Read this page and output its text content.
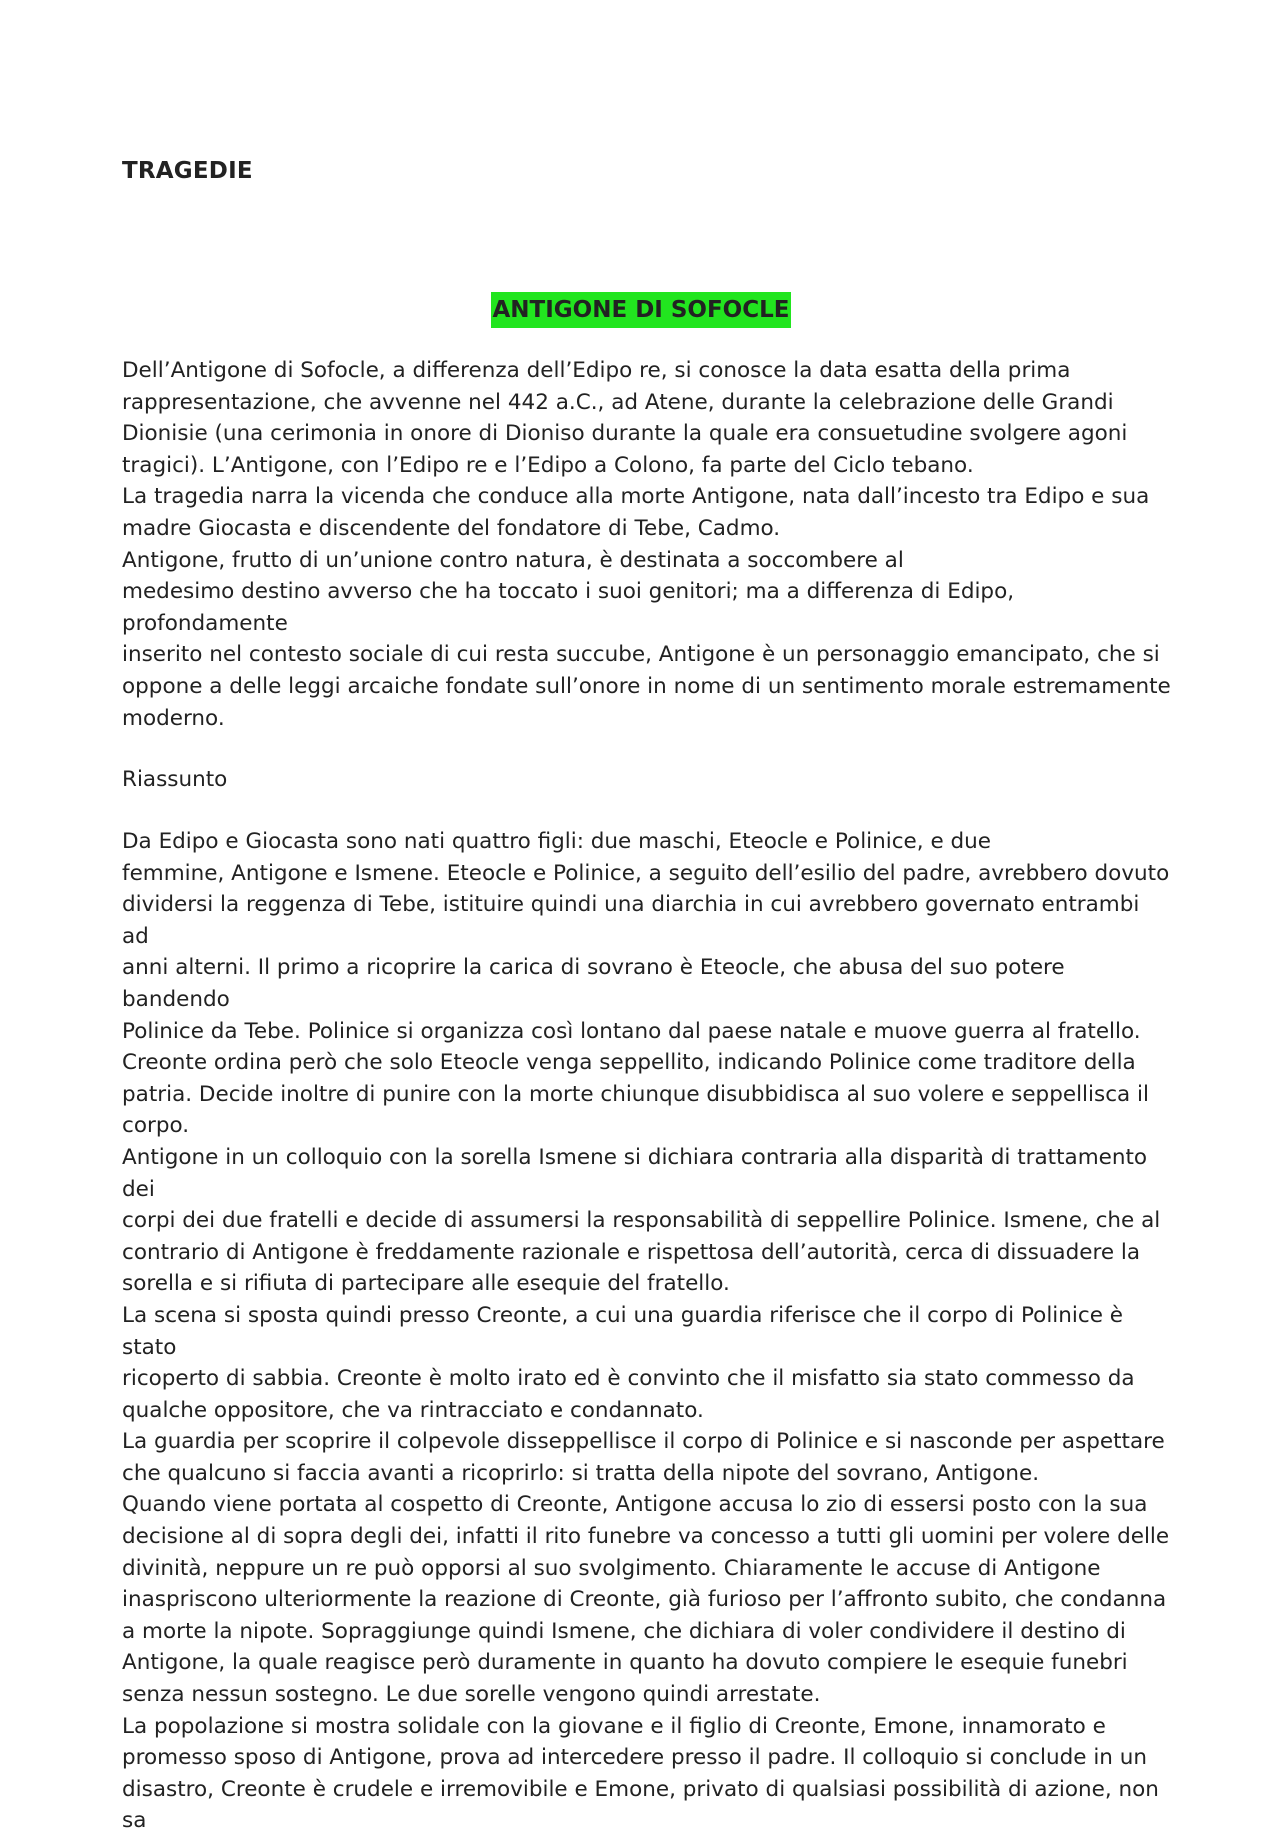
TRAGEDIE
ANTIGONE DI SOFOCLE

Dell’Antigone di Sofocle, a differenza dell’Edipo re, si conosce la data esatta della prima
rappresentazione, che avvenne nel 442 a.C., ad Atene, durante la celebrazione delle Grandi
Dionisie (una cerimonia in onore di Dioniso durante la quale era consuetudine svolgere agoni
tragici). L’Antigone, con l’Edipo re e l’Edipo a Colono, fa parte del Ciclo tebano.
La tragedia narra la vicenda che conduce alla morte Antigone, nata dall’incesto tra Edipo e sua
madre Giocasta e discendente del fondatore di Tebe, Cadmo.
Antigone, frutto di un’unione contro natura, è destinata a soccombere al
medesimo destino avverso che ha toccato i suoi genitori; ma a differenza di Edipo, profondamente
inserito nel contesto sociale di cui resta succube, Antigone è un personaggio emancipato, che si
oppone a delle leggi arcaiche fondate sull’onore in nome di un sentimento morale estremamente
moderno.

Riassunto

Da Edipo e Giocasta sono nati quattro figli: due maschi, Eteocle e Polinice, e due
femmine, Antigone e Ismene. Eteocle e Polinice, a seguito dell’esilio del padre, avrebbero dovuto
dividersi la reggenza di Tebe, istituire quindi una diarchia in cui avrebbero governato entrambi ad
anni alterni. Il primo a ricoprire la carica di sovrano è Eteocle, che abusa del suo potere bandendo
Polinice da Tebe. Polinice si organizza così lontano dal paese natale e muove guerra al fratello.
Creonte ordina però che solo Eteocle venga seppellito, indicando Polinice come traditore della
patria. Decide inoltre di punire con la morte chiunque disubbidisca al suo volere e seppellisca il
corpo.
Antigone in un colloquio con la sorella Ismene si dichiara contraria alla disparità di trattamento dei
corpi dei due fratelli e decide di assumersi la responsabilità di seppellire Polinice. Ismene, che al
contrario di Antigone è freddamente razionale e rispettosa dell’autorità, cerca di dissuadere la
sorella e si rifiuta di partecipare alle esequie del fratello.
La scena si sposta quindi presso Creonte, a cui una guardia riferisce che il corpo di Polinice è stato
ricoperto di sabbia. Creonte è molto irato ed è convinto che il misfatto sia stato commesso da
qualche oppositore, che va rintracciato e condannato.
La guardia per scoprire il colpevole disseppellisce il corpo di Polinice e si nasconde per aspettare
che qualcuno si faccia avanti a ricoprirlo: si tratta della nipote del sovrano, Antigone.
Quando viene portata al cospetto di Creonte, Antigone accusa lo zio di essersi posto con la sua
decisione al di sopra degli dei, infatti il rito funebre va concesso a tutti gli uomini per volere delle
divinità, neppure un re può opporsi al suo svolgimento. Chiaramente le accuse di Antigone
inaspriscono ulteriormente la reazione di Creonte, già furioso per l’affronto subito, che condanna
a morte la nipote. Sopraggiunge quindi Ismene, che dichiara di voler condividere il destino di
Antigone, la quale reagisce però duramente in quanto ha dovuto compiere le esequie funebri
senza nessun sostegno. Le due sorelle vengono quindi arrestate.
La popolazione si mostra solidale con la giovane e il figlio di Creonte, Emone, innamorato e
promesso sposo di Antigone, prova ad intercedere presso il padre. Il colloquio si conclude in un
disastro, Creonte è crudele e irremovibile e Emone, privato di qualsiasi possibilità di azione, non sa
